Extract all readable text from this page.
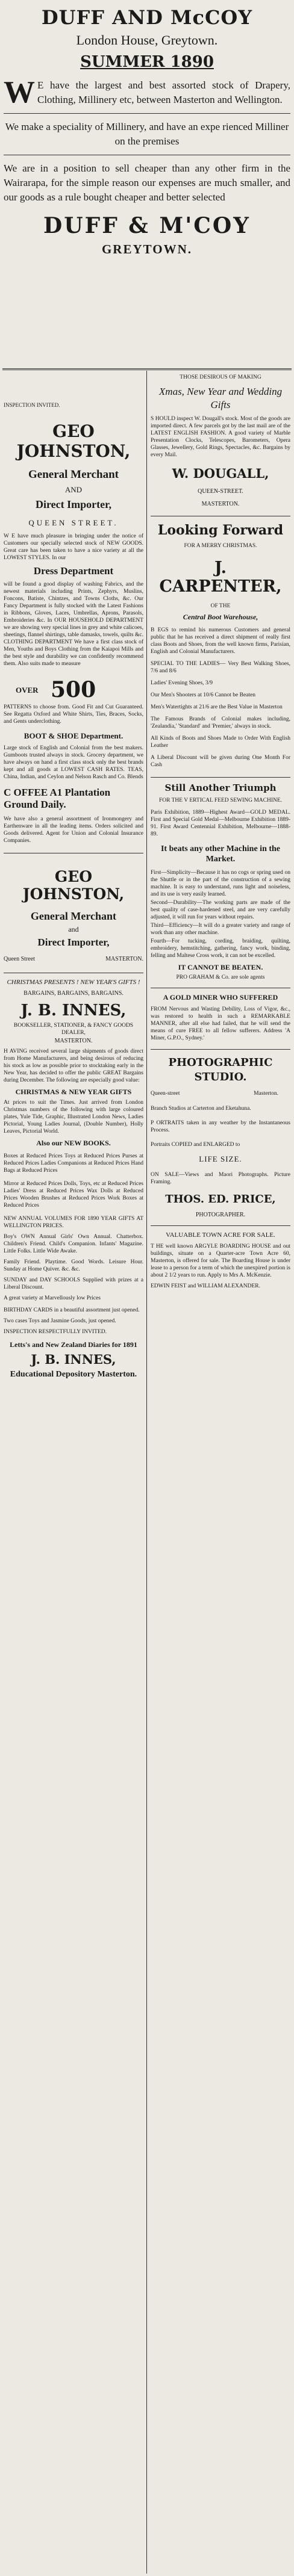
DUFF AND McCOY
London House, Greytown.
SUMMER 1890
W E have the largest and best assorted stock of Drapery, Clothing, Millinery etc, between Masterton and Wellington.
We make a speciality of Millinery, and have an expe rienced Milliner on the premises
We are in a position to sell cheaper than any other firm in the Wairarapa, for the simple reason our expenses are much smaller, and our goods as a rule bought cheaper and better selected
DUFF & M'COY
GREYTOWN.
INSPECTION INVITED.
GEO JOHNSTON,
General Merchant
AND
Direct Importer,
QUEEN STREET.
W E have much pleasure in bringing under the notice of Customers our specially selected stock of NEW GOODS. Great care has been taken to have a nice variety at all the LOWEST STYLES. In our
Dress Department
will be found a good display of washing Fabrics, and the newest materials including Prints, Zephyrs, Muslins, Foncons, Batiste, Chintzes, and Towns Cloths, &c. Our Fancy Department is fully stocked with the Latest Fashions in Ribbons, Gloves, Laces, Umbrellas, Aprons, Parasols, Embroideries &c. In OUR HOUSEHOLD DEPARTMENT we are showing very special lines in grey and white calicoes, sheetings, flannel shirtings, table damasks, towels, quilts &c. CLOTHING DEPARTMENT We have a first class stock of Men, Youths and Boys Clothing from the Kaiapoi Mills and the best style and durability we can confidently recommend them. Also suits made to measure
OVER 500
PATTERNS to choose from. Good Fit and Cut Guaranteed. See Regatta Oxford and White Shirts, Ties, Braces, Socks, and Gents underclothing.
BOOT & SHOE Department.
Large stock of English and Colonial from the best makers. Gumboots trusted always in stock. Grocery department, we have always on hand a first class stock only the best brands kept and all goods at LOWEST CASH RATES. TEAS, China, Indian, and Ceylon and Nelson Rasch and Co. Blends
C OFFEE A1 Plantation Ground Daily.
We have also a general assortment of Ironmongery and Earthenware in all the leading items. Orders solicited and Goods delivered. Agent for Union and Colonial Insurance Companies.
GEO JOHNSTON,
General Merchant
and
Direct Importer,
Queen Street	MASTERTON.
CHRISTMAS PRESENTS ! NEW YEAR'S GIFTS !
BARGAINS, BARGAINS, BARGAINS.
J. B. INNES,
BOOKSELLER, STATIONER, & FANCY GOODS DEALER,
MASTERTON.
H AVING received several large shipments of goods direct from Home Manufacturers, and being desirous of reducing his stock as low as possible prior to stocktaking early in the New Year, has decided to offer the public GREAT Bargains during December. The following are especially good value:
CHRISTMAS & NEW YEAR GIFTS
At prices to suit the Times. Just arrived from London Christmas numbers of the following with large coloured plates, Yule Tide, Graphic, Illustrated London News, Ladies Pictorial, Young Ladies Journal, (Double Number), Holly Leaves, Pictorial World.
Also our NEW BOOKS.
Boxes at Reduced Prices Toys at Reduced Prices Purses at Reduced Prices Ladies Companions at Reduced Prices Hand Bags at Reduced Prices
Mirror at Reduced Prices Dolls, Toys, etc at Reduced Prices Ladies' Dress at Reduced Prices Wax Dolls at Reduced Prices Wooden Brushes at Reduced Prices Work Boxes at Reduced Prices
NEW ANNUAL VOLUMES FOR 1890 YEAR GIFTS AT WELLINGTON PRICES.
Boy's OWN Annual Girls' Own Annual. Chatterbox. Children's Friend. Child's Companion. Infants' Magazine. Little Folks. Little Wide Awake.
Family Friend. Playtime. Good Words. Leisure Hour. Sunday at Home Quiver. &c. &c.
SUNDAY and DAY SCHOOLS Supplied with prizes at a Liberal Discount.
A great variety at Marvellously low Prices
BIRTHDAY CARDS in a beautiful assortment just opened.
Two cases Toys and Jasmine Goods, just opened.
INSPECTION RESPECTFULLY INVITED.
Letts's and New Zealand Diaries for 1891
J. B. INNES,
Educational Depository Masterton.
THOSE DESIROUS OF MAKING
Xmas, New Year and Wedding Gifts
S HOULD inspect W. Dougall's stock. Most of the goods are imported direct. A few parcels got by the last mail are of the LATEST ENGLISH FASHION. A good variety of Marble Presentation Clocks, Telescopes, Barometers, Opera Glasses, Jewellery, Gold Rings, Spectacles, &c. Bargains by every Mail.
W. DOUGALL,
QUEEN-STREET.
MASTERTON.
Looking Forward
FOR A MERRY CHRISTMAS.
J. CARPENTER,
OF THE
Central Boot Warehouse,
B EGS to remind his numerous Customers and general public that he has received a direct shipment of really first class Boots and Shoes, from the well known firms, Parisian, English and Colonial Manufacturers.
SPECIAL TO THE LADIES— Very Best Walking Shoes, 7/6 and 8/6
Ladies' Evening Shoes, 3/9
Our Men's Shooters at 10/6 Cannot be Beaten
Men's Watertights at 21/6 are the Best Value in Masterton
The Famous Brands of Colonial makes including, 'Zealandia,' 'Standard' and 'Premier,' always in stock.
All Kinds of Boots and Shoes Made to Order With English Leather
A Liberal Discount will be given during One Month For Cash
Still Another Triumph
FOR THE V ERTICAL FEED SEWING MACHINE.
Paris Exhibition, 1889—Highest Award—GOLD MEDAL. First and Special Gold Medal—Melbourne Exhibition 1889-91. First Award Centennial Exhibition, Melbourne—1888-89.
It beats any other Machine in the Market.
First—Simplicity—Because it has no cogs or spring used on the Shuttle or in the part of the construction of a sewing machine. It is easy to understand, runs light and noiseless, and its use is very easily learned.
Second—Durability—The working parts are made of the best quality of case-hardened steel, and are very carefully adjusted, it will run for years without repairs.
Third—Efficiency—It will do a greater variety and range of work than any other machine.
Fourth—For tucking, cording, braiding, quilting, embroidery, hemstitching, gathering, fancy work, binding, felling and Maltese Cross work, it can not be excelled.
IT CANNOT BE BEATEN.
PRO GRAHAM & Co. are sole agents
A GOLD MINER WHO SUFFERED
FROM Nervous and Wasting Debility, Loss of Vigor, &c., was restored to health in such a REMARKABLE MANNER, after all else had failed, that he will send the means of cure FREE to all fellow sufferers. Address 'A Miner, G.P.O., Sydney.'
PHOTOGRAPHIC STUDIO.
Queen-street	Masterton.
Branch Studios at Carterton and Eketahuna.
P ORTRAITS taken in any weather by the Instantaneous Process.
Portraits COPIED and ENLARGED to
LIFE SIZE.
ON SALE—Views and Maori Photographs. Picture Framing.
THOS. ED. PRICE,
PHOTOGRAPHER.
VALUABLE TOWN ACRE FOR SALE.
T HE well known ARGYLE BOARDING HOUSE and out buildings, situate on a Quarter-acre Town Acre 60, Masterton, is offered for sale. The Boarding House is under lease to a person for a term of which the unexpired portion is about 2 1/2 years to run. Apply to Mrs A. McKenzie.
EDWIN FEIST and WILLIAM ALEXANDER.
